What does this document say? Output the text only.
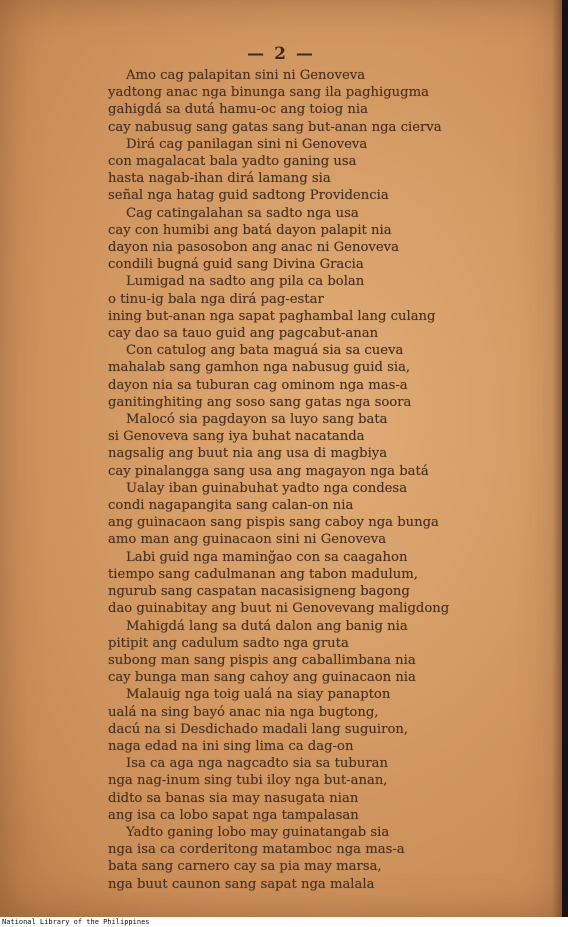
— 2 —
Amo cag palapitan sini ni Genoveva
yadtong anac nga binunga sang ila paghigugma
gahigdá sa dutá hamu-oc ang toiog nia
cay nabusug sang gatas sang but-anan nga cierva
Dirá cag panilagan sini ni Genoveva
con magalacat bala yadto ganing usa
hasta nagab-ihan dirá lamang sia
señal nga hatag guid sadtong Providencia
Cag catingalahan sa sadto nga usa
cay con humibi ang batá dayon palapit nia
dayon nia pasosobon ang anac ni Genoveva
condili bugná guid sang Divina Gracia
Lumigad na sadto ang pila ca bolan
o tinu-ig bala nga dirá pag-estar
ining but-anan nga sapat paghambal lang culang
cay dao sa tauo guid ang pagcabut-anan
Con catulog ang bata maguá sia sa cueva
mahalab sang gamhon nga nabusug guid sia,
dayon nia sa tuburan cag ominom nga mas-a
ganitinghiting ang soso sang gatas nga soora
Malocó sia pagdayon sa luyo sang bata
si Genoveva sang iya buhat nacatanda
nagsalig ang buut nia ang usa di magbiya
cay pinalangga sang usa ang magayon nga batá
Ualay iban guinabuhat yadto nga condesa
condi nagapangita sang calan-on nia
ang guinacaon sang pispis sang caboy nga bunga
amo man ang guinacaon sini ni Genoveva
Labi guid nga maminğao con sa caagahon
tiempo sang cadulmanan ang tabon madulum,
ngurub sang caspatan nacasisigneng bagong
dao guinabitay ang buut ni Genovevang maligdong
Mahigdá lang sa dutá dalon ang banig nia
pitipit ang cadulum sadto nga gruta
subong man sang pispis ang caballimbana nia
cay bunga man sang cahoy ang guinacaon nia
Malauig nga toig ualá na siay panapton
ualá na sing bayó anac nia nga bugtong,
dacú na si Desdichado madali lang suguiron,
naga edad na ini sing lima ca dag-on
Isa ca aga nga nagcadto sia sa tuburan
nga nag-inum sing tubi iloy nga but-anan,
didto sa banas sia may nasugata nian
ang isa ca lobo sapat nga tampalasan
Yadto ganing lobo may guinatangab sia
nga isa ca corderitong matamboc nga mas-a
bata sang carnero cay sa pia may marsa,
nga buut caunon sang sapat nga malala
National Library of the Philippines
